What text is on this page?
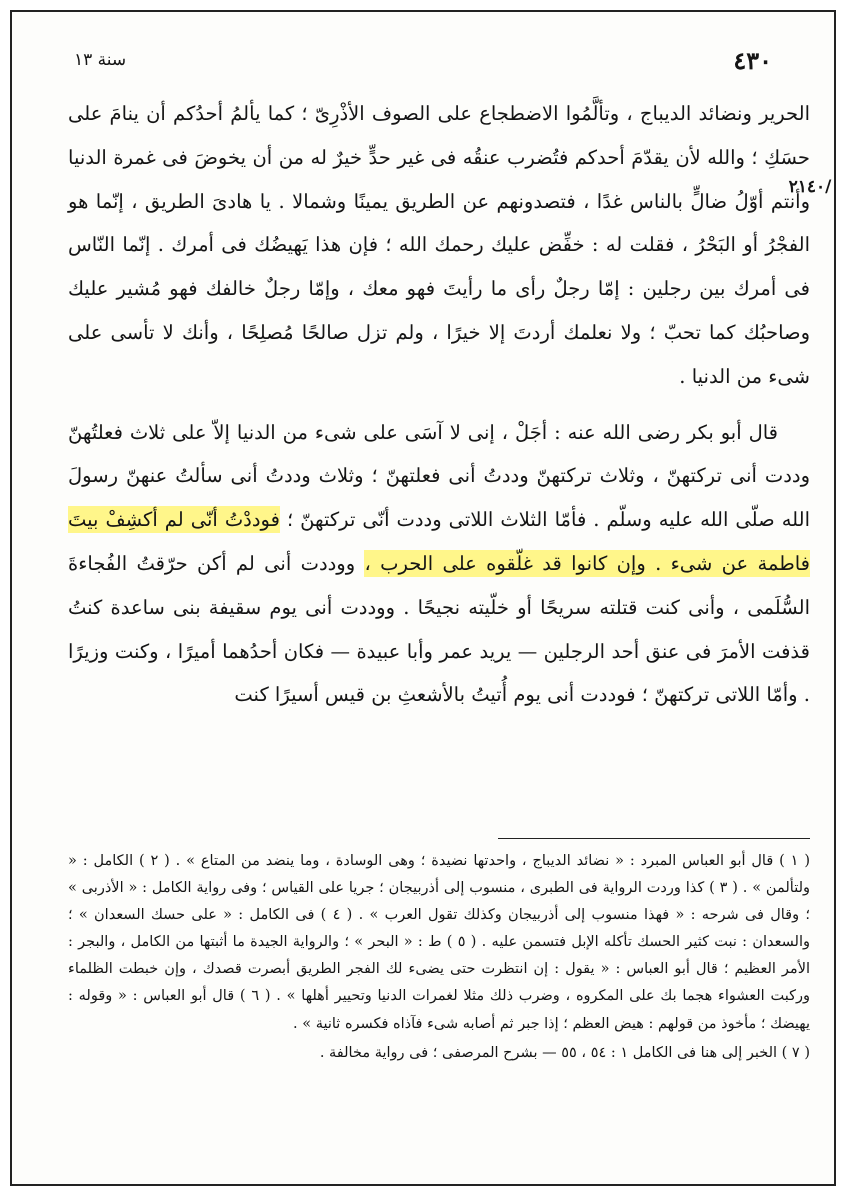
٤٣٠
سنة ١٣
٢١٤٠/

الحرير ونضائد الديباج ، وتألَّمُوا الاضطجاع على الصوف الأذْرِىّ ؛ كما يألمُ أحدُكم أن ينامَ على حسَكِ ؛ والله لأن يقدّمَ أحدكم فتُضرب عنقُه فى غير حدٍّ خيرٌ له من أن يخوضَ فى غمرة الدنيا وأنتم أوّلُ ضالٍّ بالناس غدًا ، فتصدونهم عن الطريق يمينًا وشمالا . يا هادىَ الطريق ، إنّما هو الفجْرُ أو البَحْرُ ، فقلت له : خفِّض عليك رحمك الله ؛ فإن هذا يَهيضُك فى أمرك . إنّما النّاس فى أمرك بين رجلين : إمّا رجلٌ رأى ما رأيتَ فهو معك ، وإمّا رجلٌ خالفك فهو مُشير عليك وصاحبُك كما تحبّ ؛ ولا نعلمك أردتَ إلا خيرًا ، ولم تزل صالحًا مُصلِحًا ، وأنك لا تأسى على شىء من الدنيا .

قال أبو بكر رضى الله عنه : أجَلْ ، إنى لا آسَى على شىء من الدنيا إلاّ على ثلاث فعلتُهنّ وددت أنى تركتهنّ ، وثلاث تركتهنّ وددتُ أنى فعلتهنّ ؛ وثلاث وددتُ أنى سألتُ عنهنّ رسولَ الله صلّى الله عليه وسلّم . فأمّا الثلاث اللاتى وددت أنّى تركتهنّ ؛ فوددْتُ أنّى لم أكشِفْ بيتَ فاطمة عن شىء . وإن كانوا قد غلّقوه على الحرب ، ووددت أنى لم أكن حرّقتُ الفُجاءةَ السُّلَمى ، وأنى كنت قتلته سريحًا أو خلّيته نجيحًا . ووددت أنى يوم سقيفة بنى ساعدة كنتُ قذفت الأمرَ فى عنق أحد الرجلين — يريد عمر وأبا عبيدة — فكان أحدُهما أميرًا ، وكنت وزيرًا . وأمّا اللاتى تركتهنّ ؛ فوددت أنى يوم أُتيتُ بالأشعثِ بن قيس أسيرًا كنت

( ١ ) قال أبو العباس المبرد : « نضائد الديباج ، واحدتها نضيدة ؛ وهى الوسادة ، وما ينضد من المتاع » . ( ٢ ) الكامل : « ولتألمن » . ( ٣ ) كذا وردت الرواية فى الطبرى ، منسوب إلى أذربيجان ؛ جريا على القياس ؛ وفى رواية الكامل : « الأذربى » ؛ وقال فى شرحه : « فهذا منسوب إلى أذربيجان وكذلك تقول العرب » . ( ٤ ) فى الكامل : « على حسك السعدان » ؛ والسعدان : نبت كثير الحسك تأكله الإبل فتسمن عليه . ( ٥ ) ط : « البحر » ؛ والرواية الجيدة ما أثبتها من الكامل ، والبجر : الأمر العظيم ؛ قال أبو العباس : « يقول : إن انتظرت حتى يضىء لك الفجر الطريق أبصرت قصدك ، وإن خبطت الظلماء وركبت العشواء هجما بك على المكروه ، وضرب ذلك مثلا لغمرات الدنيا وتحيير أهلها » . ( ٦ ) قال أبو العباس : « وقوله : يهيضك ؛ مأخوذ من قولهم : هيض العظم ؛ إذا جبر ثم أصابه شىء فآذاه فكسره ثانية » .

( ٧ ) الخبر إلى هنا فى الكامل ١ : ٥٤ ، ٥٥ — بشرح المرصفى ؛ فى رواية مخالفة .
